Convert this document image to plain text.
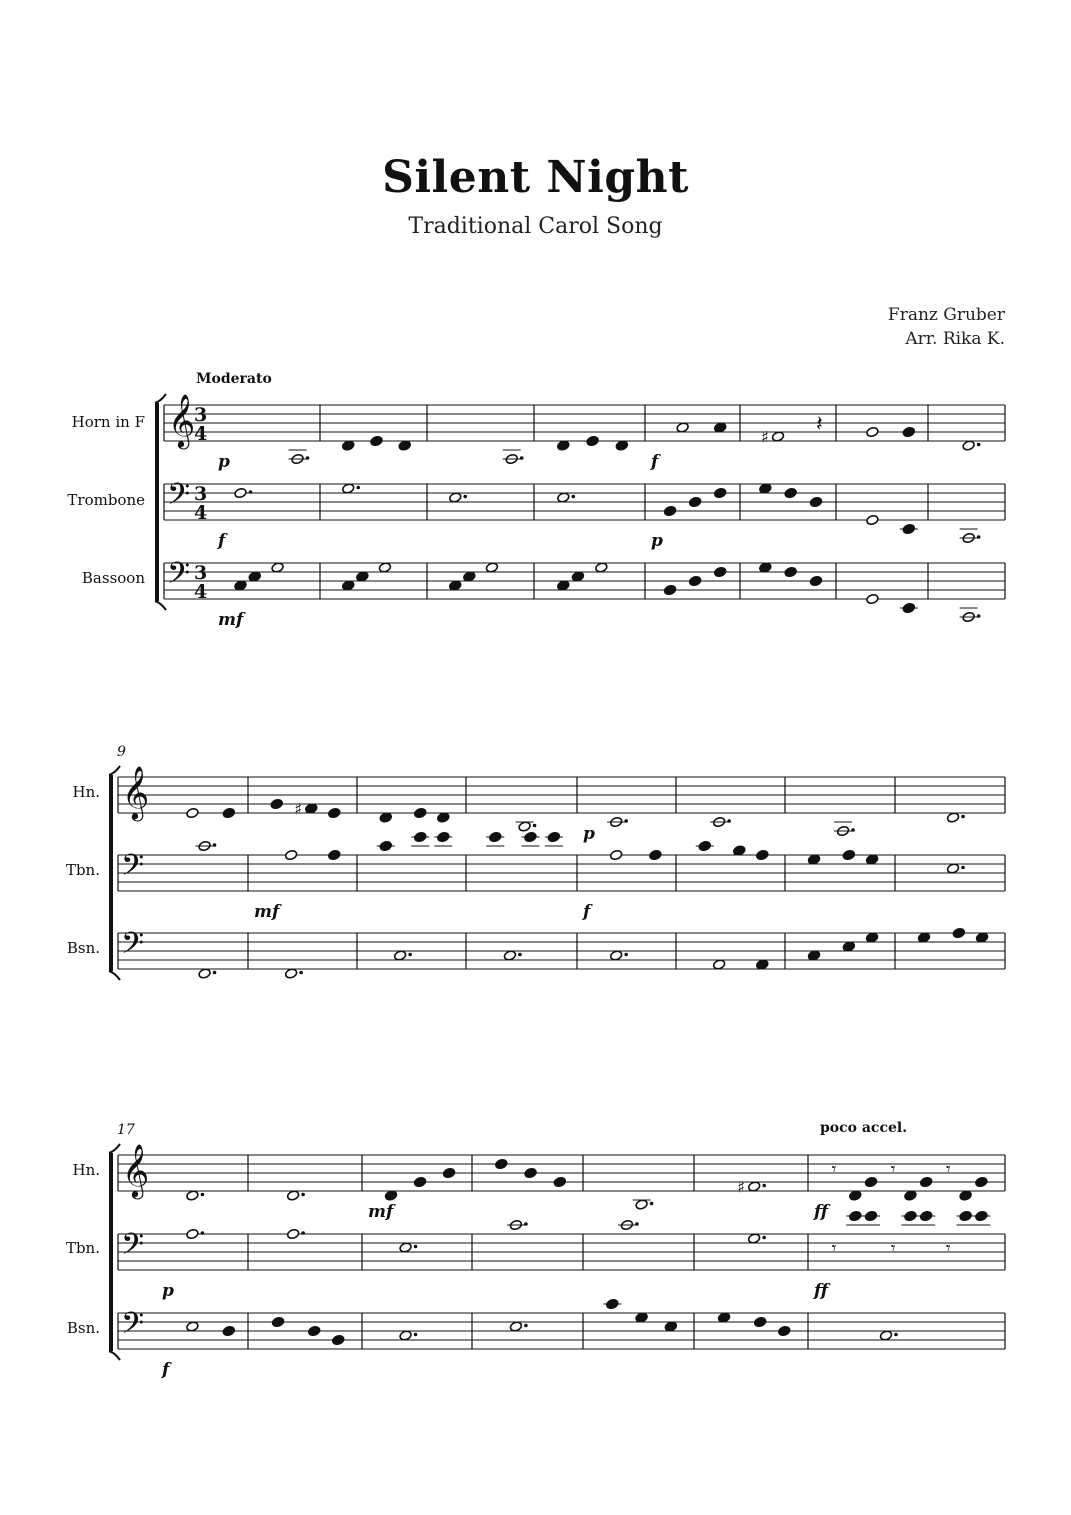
Silent Night
Traditional Carol Song
Franz Gruber
Arr. Rika K.
𝄞
3
4
𝄢 3
4
𝄢 3
4
♯ 𝄽
p	f
f	p
mf
𝄞
𝄢
𝄢
♯
p
mf	f
𝄞
𝄢
𝄢
♯
𝄾	𝄾	𝄾
𝄾	𝄾	𝄾
mf	ff
p	ff
f
Moderato
9
17	poco accel.
Horn in F
Trombone
Bassoon
Hn.
Tbn.
Bsn.
Hn.
Tbn.
Bsn.
